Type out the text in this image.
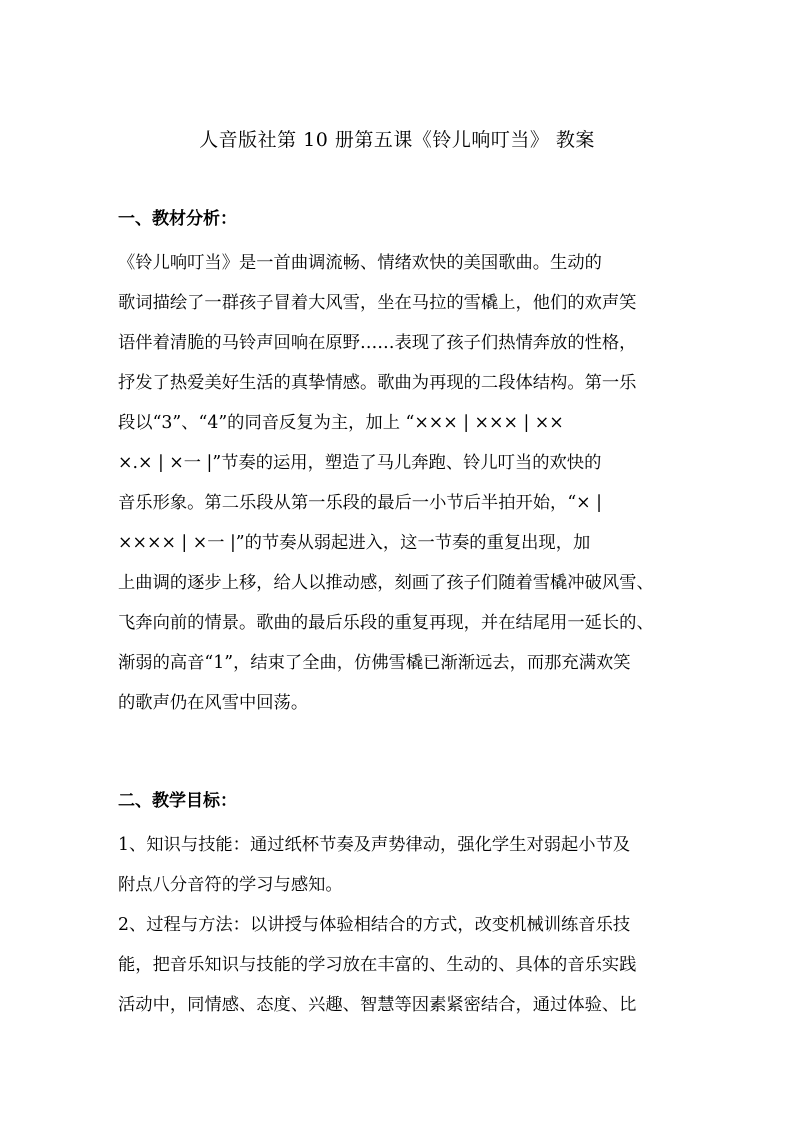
人音版社第 10 册第五课《铃儿响叮当》 教案
一、教材分析：
《铃儿响叮当》是一首曲调流畅、情绪欢快的美国歌曲。生动的
歌词描绘了一群孩子冒着大风雪，坐在马拉的雪橇上，他们的欢声笑
语伴着清脆的马铃声回响在原野……表现了孩子们热情奔放的性格，
抒发了热爱美好生活的真挚情感。歌曲为再现的二段体结构。第一乐
段以“3”、“4”的同音反复为主，加上 “××× | ××× | ××
×.× | ×一 |”节奏的运用，塑造了马儿奔跑、铃儿叮当的欢快的
音乐形象。第二乐段从第一乐段的最后一小节后半拍开始，“× |
×××× | ×一 |”的节奏从弱起进入，这一节奏的重复出现，加
上曲调的逐步上移，给人以推动感，刻画了孩子们随着雪橇冲破风雪、
飞奔向前的情景。歌曲的最后乐段的重复再现，并在结尾用一延长的、
渐弱的高音“1”，结束了全曲，仿佛雪橇已渐渐远去，而那充满欢笑
的歌声仍在风雪中回荡。
二、教学目标：
1、知识与技能：通过纸杯节奏及声势律动，强化学生对弱起小节及
附点八分音符的学习与感知。
2、过程与方法：以讲授与体验相结合的方式，改变机械训练音乐技
能，把音乐知识与技能的学习放在丰富的、生动的、具体的音乐实践
活动中，同情感、态度、兴趣、智慧等因素紧密结合，通过体验、比
